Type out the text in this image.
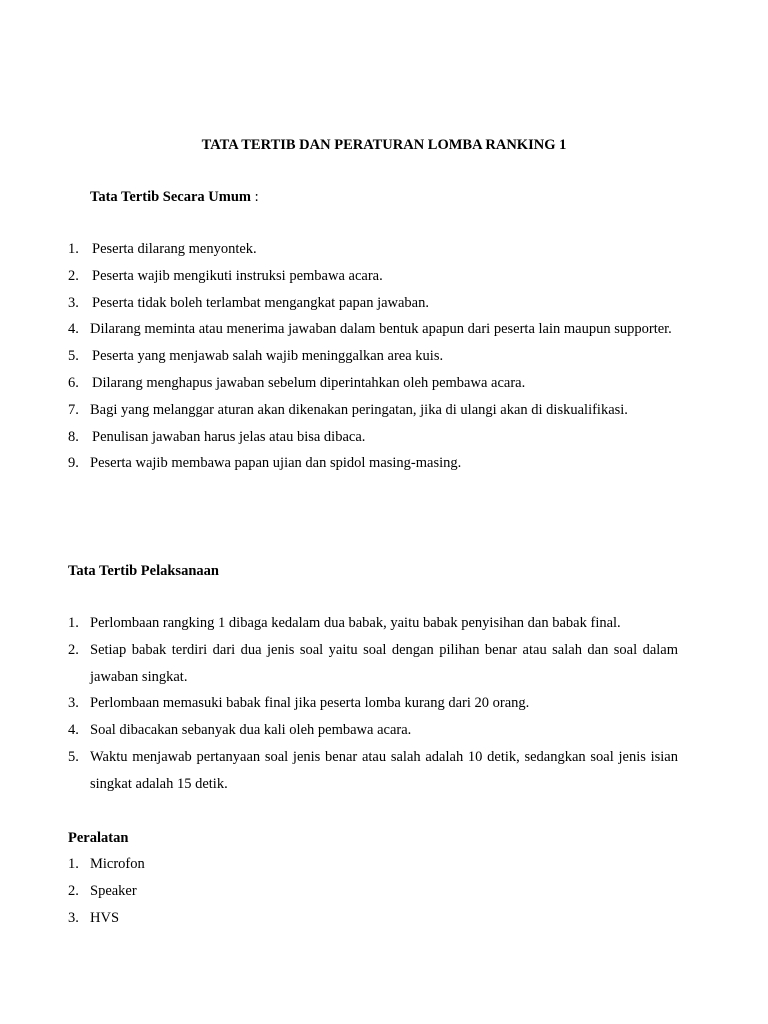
TATA TERTIB DAN PERATURAN LOMBA RANKING 1
Tata Tertib Secara Umum :
1. Peserta dilarang menyontek.
2. Peserta wajib mengikuti instruksi pembawa acara.
3. Peserta tidak boleh terlambat mengangkat papan jawaban.
4. Dilarang meminta atau menerima jawaban dalam bentuk apapun dari peserta lain maupun supporter.
5. Peserta yang menjawab salah wajib meninggalkan area kuis.
6. Dilarang menghapus jawaban sebelum diperintahkan oleh pembawa acara.
7. Bagi yang melanggar aturan akan dikenakan peringatan, jika di ulangi akan di diskualifikasi.
8. Penulisan jawaban harus jelas atau bisa dibaca.
9. Peserta wajib membawa papan ujian dan spidol masing-masing.
Tata Tertib Pelaksanaan
1. Perlombaan rangking 1 dibaga kedalam dua babak, yaitu babak penyisihan dan babak final.
2. Setiap babak terdiri dari dua jenis soal yaitu soal dengan pilihan benar atau salah dan soal dalam jawaban singkat.
3. Perlombaan memasuki babak final jika peserta lomba kurang dari 20 orang.
4. Soal dibacakan sebanyak dua kali oleh pembawa acara.
5. Waktu menjawab pertanyaan soal jenis benar atau salah adalah 10 detik, sedangkan soal jenis isian singkat adalah 15 detik.
Peralatan
1. Microfon
2. Speaker
3. HVS
